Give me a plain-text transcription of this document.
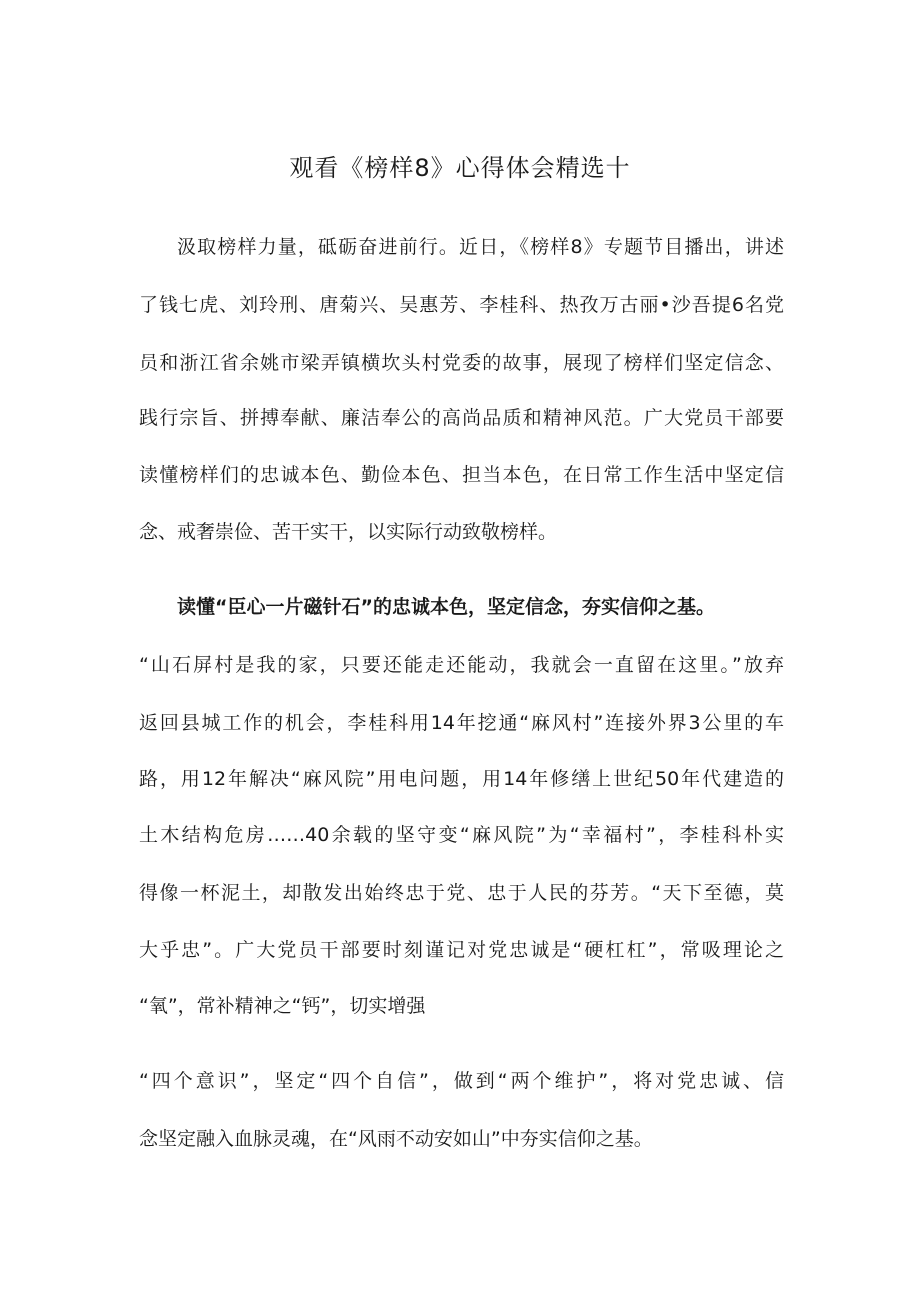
观看《榜样8》心得体会精选十

汲取榜样力量，砥砺奋进前行。近日，《榜样8》专题节目播出，讲述

了钱七虎、刘玲刑、唐菊兴、吴惠芳、李桂科、热孜万古丽•沙吾提6名党

员和浙江省余姚市梁弄镇横坎头村党委的故事，展现了榜样们坚定信念、

践行宗旨、拼搏奉献、廉洁奉公的高尚品质和精神风范。广大党员干部要

读懂榜样们的忠诚本色、勤俭本色、担当本色，在日常工作生活中坚定信

念、戒奢崇俭、苦干实干，以实际行动致敬榜样。

读懂“臣心一片磁针石”的忠诚本色，坚定信念，夯实信仰之基。

“山石屏村是我的家，只要还能走还能动，我就会一直留在这里。”放弃

返回县城工作的机会，李桂科用14年挖通“麻风村”连接外界3公里的车

路，用12年解决“麻风院”用电问题，用14年修缮上世纪50年代建造的

土木结构危房……40余载的坚守变“麻风院”为“幸福村”，李桂科朴实

得像一杯泥土，却散发出始终忠于党、忠于人民的芬芳。“天下至德，莫

大乎忠”。广大党员干部要时刻谨记对党忠诚是“硬杠杠”，常吸理论之

“氧”，常补精神之“钙”，切实增强

“四个意识”，坚定“四个自信”，做到“两个维护”，将对党忠诚、信

念坚定融入血脉灵魂，在“风雨不动安如山”中夯实信仰之基。
